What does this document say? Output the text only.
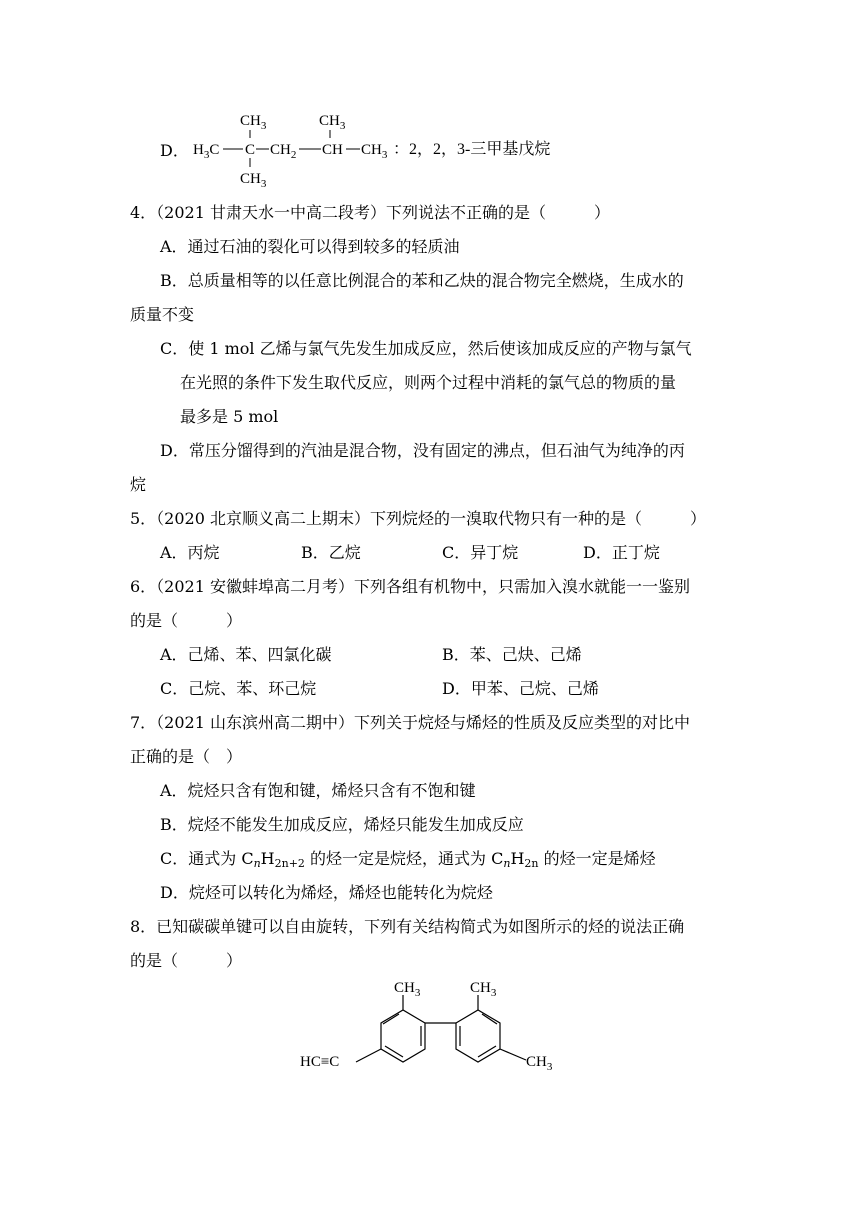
D．
$CH_3$	$CH_3$
$H_3C$ C $CH_2$ CH $CH_3$
$CH_3$
：2，2，3-三甲基戊烷
4．（2021 甘肃天水一中高二段考）下列说法不正确的是（　　　）
A．通过石油的裂化可以得到较多的轻质油
B．总质量相等的以任意比例混合的苯和乙炔的混合物完全燃烧，生成水的
质量不变
C．使 1 mol 乙烯与氯气先发生加成反应，然后使该加成反应的产物与氯气
在光照的条件下发生取代反应，则两个过程中消耗的氯气总的物质的量
最多是 5 mol
D．常压分馏得到的汽油是混合物，没有固定的沸点，但石油气为纯净的丙
烷
5．（2020 北京顺义高二上期末）下列烷烃的一溴取代物只有一种的是（　　　）
A．丙烷	B．乙烷	C．异丁烷	D．正丁烷
6．（2021 安徽蚌埠高二月考）下列各组有机物中，只需加入溴水就能一一鉴别
的是（　　　）
A．己烯、苯、四氯化碳	B．苯、己炔、己烯
C．己烷、苯、环己烷	D．甲苯、己烷、己烯
7．（2021 山东滨州高二期中）下列关于烷烃与烯烃的性质及反应类型的对比中
正确的是（　）
A．烷烃只含有饱和键，烯烃只含有不饱和键
B．烷烃不能发生加成反应，烯烃只能发生加成反应
C．通式为 $C_nH_{2n+2}$ 的烃一定是烷烃，通式为 $C_nH_{2n}$ 的烃一定是烯烃
D．烷烃可以转化为烯烃，烯烃也能转化为烷烃
8．已知碳碳单键可以自由旋转，下列有关结构简式为如图所示的烃的说法正确
的是（　　　）
$CH_3$	$CH_3$
$CH_3$
HC≡C
